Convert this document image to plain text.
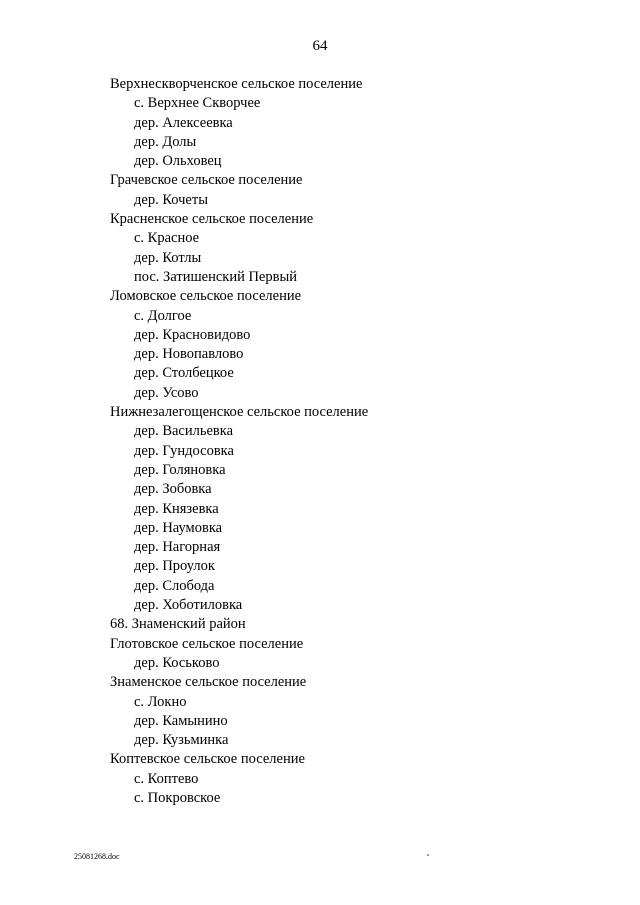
64
Верхнескворченское сельское поселение
с. Верхнее Скворчее
дер. Алексеевка
дер. Долы
дер. Ольховец
Грачевское сельское поселение
дер. Кочеты
Красненское сельское поселение
с. Красное
дер. Котлы
пос. Затишенский Первый
Ломовское сельское поселение
с. Долгое
дер. Красновидово
дер. Новопавлово
дер. Столбецкое
дер. Усово
Нижнезалегощенское сельское поселение
дер. Васильевка
дер. Гундосовка
дер. Голяновка
дер. Зобовка
дер. Князевка
дер. Наумовка
дер. Нагорная
дер. Проулок
дер. Слобода
дер. Хоботиловка
68. Знаменский район
Глотовское сельское поселение
дер. Коськово
Знаменское сельское поселение
с. Локно
дер. Камынино
дер. Кузьминка
Коптевское сельское поселение
с. Коптево
с. Покровское
25081268.doc
